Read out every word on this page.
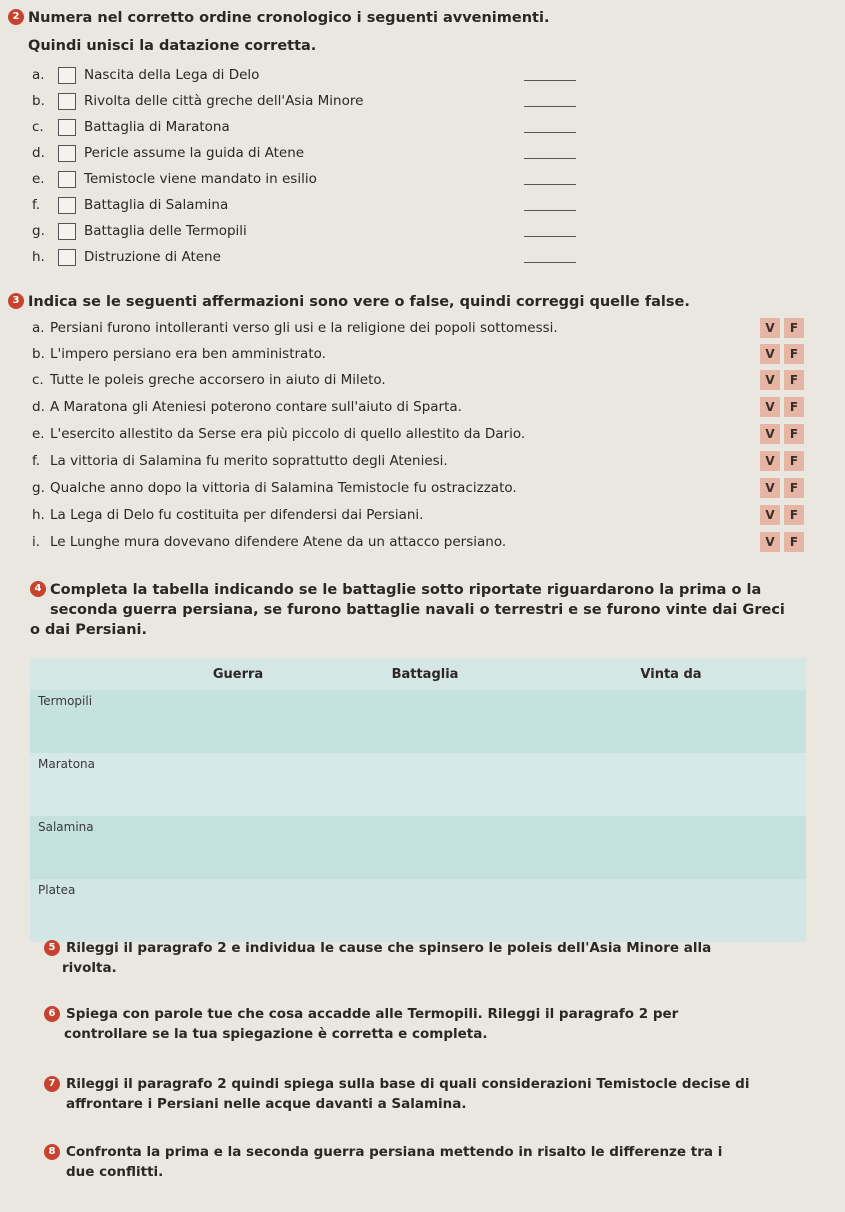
2 Numera nel corretto ordine cronologico i seguenti avvenimenti.
Quindi unisci la datazione corretta.
a.	Nascita della Lega di Delo
b.	Rivolta delle città greche dell'Asia Minore
c.	Battaglia di Maratona
d.	Pericle assume la guida di Atene
e.	Temistocle viene mandato in esilio
f.	Battaglia di Salamina
g.	Battaglia delle Termopili
h.	Distruzione di Atene
3 Indica se le seguenti affermazioni sono vere o false, quindi correggi quelle false.
a. Persiani furono intolleranti verso gli usi e la religione dei popoli sottomessi.	V	F
b. L'impero persiano era ben amministrato.	V	F
c. Tutte le poleis greche accorsero in aiuto di Mileto.	V	F
d. A Maratona gli Ateniesi poterono contare sull'aiuto di Sparta.	V	F
e. L'esercito allestito da Serse era più piccolo di quello allestito da Dario.	V	F
f. La vittoria di Salamina fu merito soprattutto degli Ateniesi.	V	F
g. Qualche anno dopo la vittoria di Salamina Temistocle fu ostracizzato.	V	F
h. La Lega di Delo fu costituita per difendersi dai Persiani.	V	F
i. Le Lunghe mura dovevano difendere Atene da un attacco persiano.	V	F
4 Completa la tabella indicando se le battaglie sotto riportate riguardarono la prima o la
seconda guerra persiana, se furono battaglie navali o terrestri e se furono vinte dai Greci
o dai Persiani.
	Guerra	Battaglia	Vinta da
Termopili			
Maratona			
Salamina			
Platea			
5 Rileggi il paragrafo 2 e individua le cause che spinsero le poleis dell'Asia Minore alla
rivolta.
6 Spiega con parole tue che cosa accadde alle Termopili. Rileggi il paragrafo 2 per
controllare se la tua spiegazione è corretta e completa.
7 Rileggi il paragrafo 2 quindi spiega sulla base di quali considerazioni Temistocle decise di
affrontare i Persiani nelle acque davanti a Salamina.
8 Confronta la prima e la seconda guerra persiana mettendo in risalto le differenze tra i
due conflitti.
